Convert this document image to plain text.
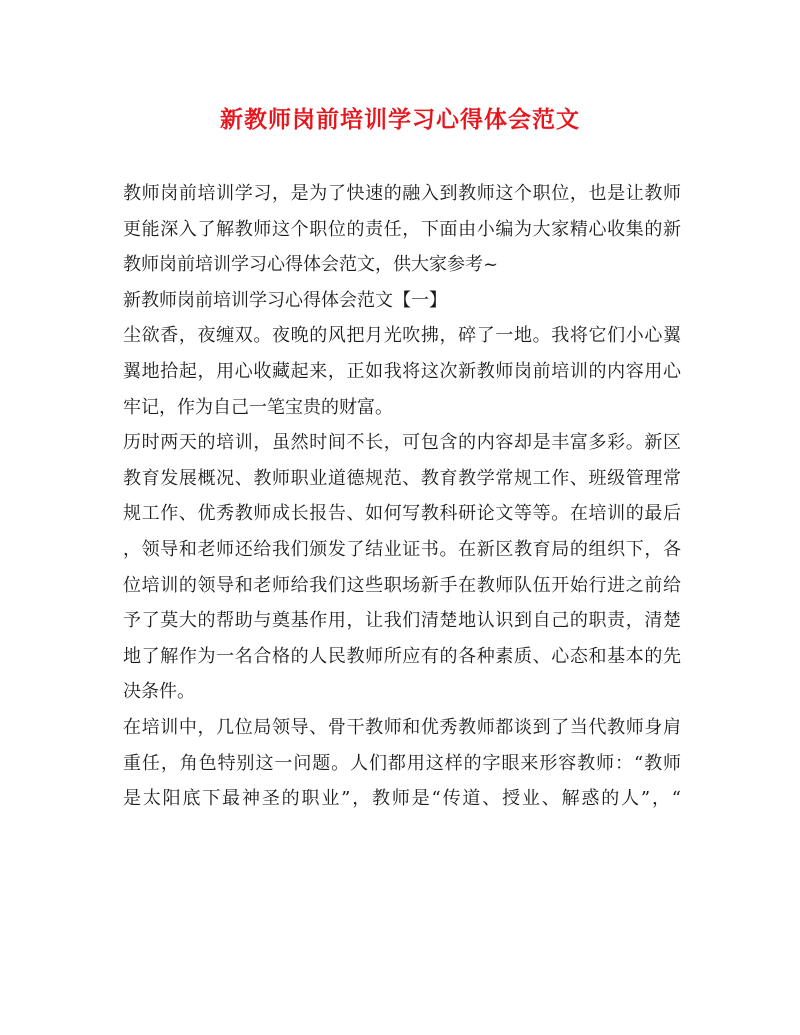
新教师岗前培训学习心得体会范文
教师岗前培训学习，是为了快速的融入到教师这个职位，也是让教师
更能深入了解教师这个职位的责任，下面由小编为大家精心收集的新
教师岗前培训学习心得体会范文，供大家参考~
新教师岗前培训学习心得体会范文【一】
尘欲香，夜缠双。夜晚的风把月光吹拂，碎了一地。我将它们小心翼
翼地拾起，用心收藏起来，正如我将这次新教师岗前培训的内容用心
牢记，作为自己一笔宝贵的财富。
历时两天的培训，虽然时间不长，可包含的内容却是丰富多彩。新区
教育发展概况、教师职业道德规范、教育教学常规工作、班级管理常
规工作、优秀教师成长报告、如何写教科研论文等等。在培训的最后
，领导和老师还给我们颁发了结业证书。在新区教育局的组织下，各
位培训的领导和老师给我们这些职场新手在教师队伍开始行进之前给
予了莫大的帮助与奠基作用，让我们清楚地认识到自己的职责，清楚
地了解作为一名合格的人民教师所应有的各种素质、心态和基本的先
决条件。
在培训中，几位局领导、骨干教师和优秀教师都谈到了当代教师身肩
重任，角色特别这一问题。人们都用这样的字眼来形容教师：“教师
是太阳底下最神圣的职业”，教师是“传道、授业、解惑的人”，“
